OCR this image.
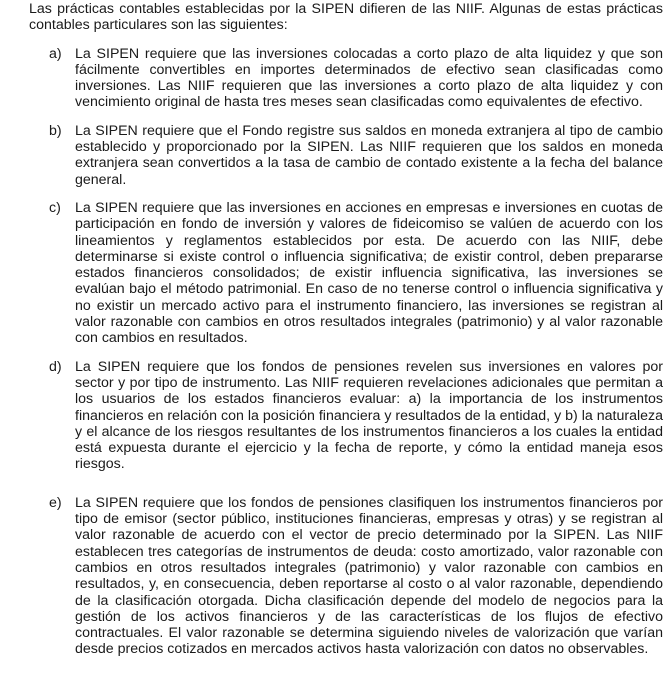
Las prácticas contables establecidas por la SIPEN difieren de las NIIF. Algunas de estas prácticas contables particulares son las siguientes:

a) La SIPEN requiere que las inversiones colocadas a corto plazo de alta liquidez y que son fácilmente convertibles en importes determinados de efectivo sean clasificadas como inversiones. Las NIIF requieren que las inversiones a corto plazo de alta liquidez y con vencimiento original de hasta tres meses sean clasificadas como equivalentes de efectivo.
b) La SIPEN requiere que el Fondo registre sus saldos en moneda extranjera al tipo de cambio establecido y proporcionado por la SIPEN. Las NIIF requieren que los saldos en moneda extranjera sean convertidos a la tasa de cambio de contado existente a la fecha del balance general.
c) La SIPEN requiere que las inversiones en acciones en empresas e inversiones en cuotas de participación en fondo de inversión y valores de fideicomiso se valúen de acuerdo con los lineamientos y reglamentos establecidos por esta. De acuerdo con las NIIF, debe determinarse si existe control o influencia significativa; de existir control, deben prepararse estados financieros consolidados; de existir influencia significativa, las inversiones se evalúan bajo el método patrimonial. En caso de no tenerse control o influencia significativa y no existir un mercado activo para el instrumento financiero, las inversiones se registran al valor razonable con cambios en otros resultados integrales (patrimonio) y al valor razonable con cambios en resultados.
d) La SIPEN requiere que los fondos de pensiones revelen sus inversiones en valores por sector y por tipo de instrumento. Las NIIF requieren revelaciones adicionales que permitan a los usuarios de los estados financieros evaluar: a) la importancia de los instrumentos financieros en relación con la posición financiera y resultados de la entidad, y b) la naturaleza y el alcance de los riesgos resultantes de los instrumentos financieros a los cuales la entidad está expuesta durante el ejercicio y la fecha de reporte, y cómo la entidad maneja esos riesgos.
e) La SIPEN requiere que los fondos de pensiones clasifiquen los instrumentos financieros por tipo de emisor (sector público, instituciones financieras, empresas y otras) y se registran al valor razonable de acuerdo con el vector de precio determinado por la SIPEN. Las NIIF establecen tres categorías de instrumentos de deuda: costo amortizado, valor razonable con cambios en otros resultados integrales (patrimonio) y valor razonable con cambios en resultados, y, en consecuencia, deben reportarse al costo o al valor razonable, dependiendo de la clasificación otorgada. Dicha clasificación depende del modelo de negocios para la gestión de los activos financieros y de las características de los flujos de efectivo contractuales. El valor razonable se determina siguiendo niveles de valorización que varían desde precios cotizados en mercados activos hasta valorización con datos no observables.
